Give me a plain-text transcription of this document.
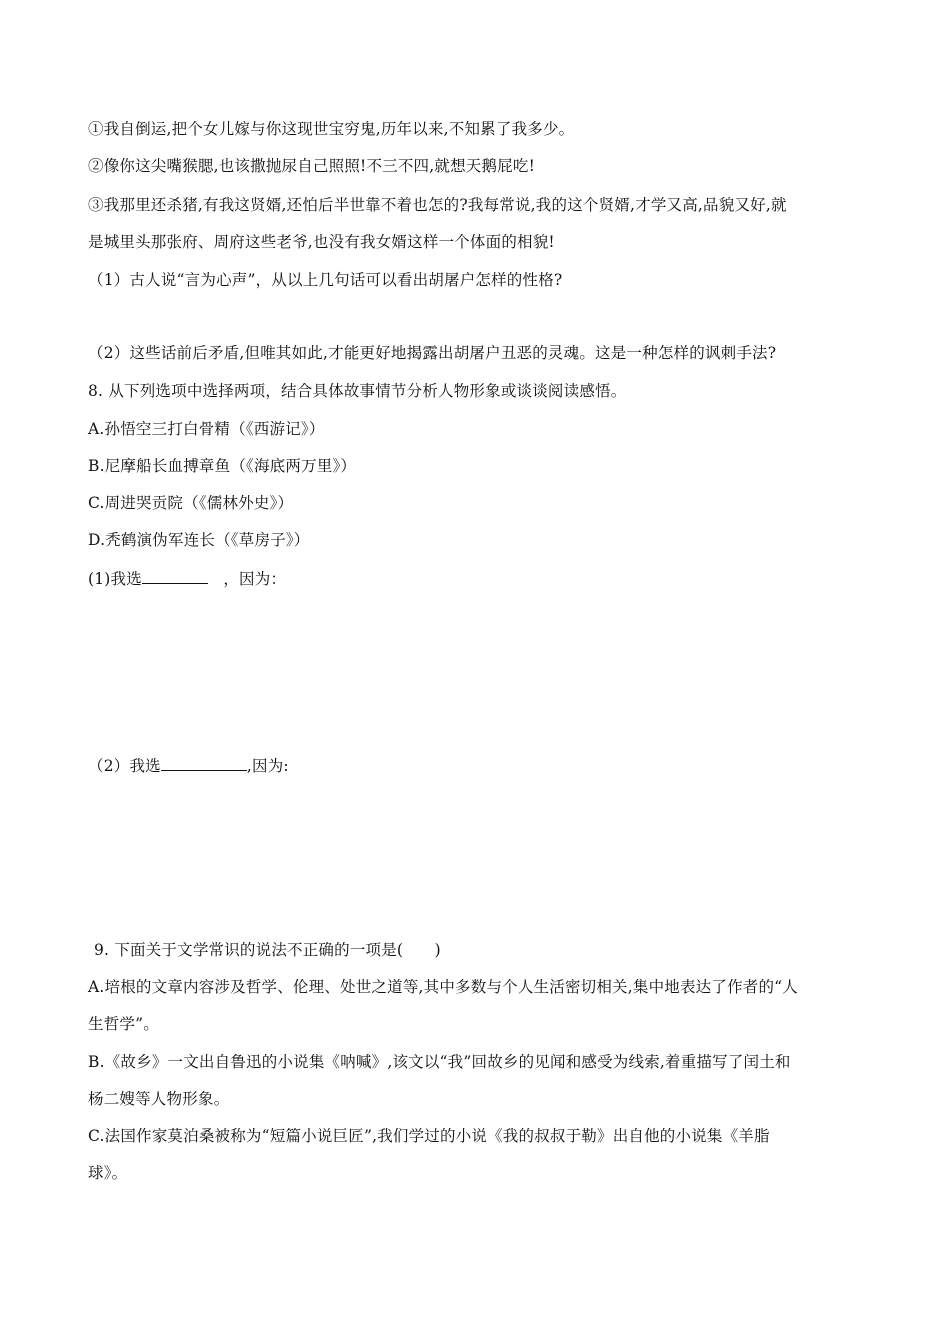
①我自倒运,把个女儿嫁与你这现世宝穷鬼,历年以来,不知累了我多少。
②像你这尖嘴猴腮,也该撒抛尿自己照照!不三不四,就想天鹅屁吃!
③我那里还杀猪,有我这贤婿,还怕后半世靠不着也怎的?我每常说,我的这个贤婿,才学又高,品貌又好,就
是城里头那张府、周府这些老爷,也没有我女婿这样一个体面的相貌!
（1）古人说“言为心声”，从以上几句话可以看出胡屠户怎样的性格?
（2）这些话前后矛盾,但唯其如此,才能更好地揭露出胡屠户丑恶的灵魂。这是一种怎样的讽刺手法?
8. 从下列选项中选择两项，结合具体故事情节分析人物形象或谈谈阅读感悟。
A.孙悟空三打白骨精（《西游记》）
B.尼摩船长血搏章鱼（《海底两万里》）
C.周进哭贡院（《儒林外史》）
D.秃鹤演伪军连长（《草房子》）
(1)我选	，因为：
（2）我选	,因为:
9. 下面关于文学常识的说法不正确的一项是(　　)
A.培根的文章内容涉及哲学、伦理、处世之道等,其中多数与个人生活密切相关,集中地表达了作者的“人
生哲学”。
B.《故乡》一文出自鲁迅的小说集《呐喊》,该文以“我”回故乡的见闻和感受为线索,着重描写了闰土和
杨二嫂等人物形象。
C.法国作家莫泊桑被称为“短篇小说巨匠”,我们学过的小说《我的叔叔于勒》出自他的小说集《羊脂
球》。
